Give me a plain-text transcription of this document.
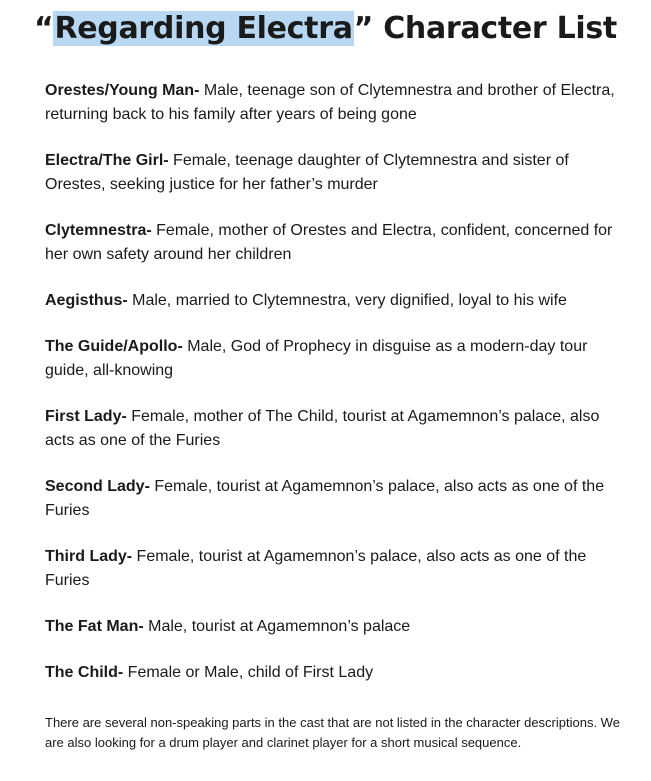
“Regarding Electra” Character List

Orestes/Young Man- Male, teenage son of Clytemnestra and brother of Electra, returning back to his family after years of being gone

Electra/The Girl- Female, teenage daughter of Clytemnestra and sister of Orestes, seeking justice for her father’s murder

Clytemnestra- Female, mother of Orestes and Electra, confident, concerned for her own safety around her children

Aegisthus- Male, married to Clytemnestra, very dignified, loyal to his wife

The Guide/Apollo- Male, God of Prophecy in disguise as a modern-day tour guide, all-knowing

First Lady- Female, mother of The Child, tourist at Agamemnon’s palace, also acts as one of the Furies

Second Lady- Female, tourist at Agamemnon’s palace, also acts as one of the Furies

Third Lady- Female, tourist at Agamemnon’s palace, also acts as one of the Furies

The Fat Man- Male, tourist at Agamemnon’s palace

The Child- Female or Male, child of First Lady

There are several non-speaking parts in the cast that are not listed in the character descriptions. We are also looking for a drum player and clarinet player for a short musical sequence.
